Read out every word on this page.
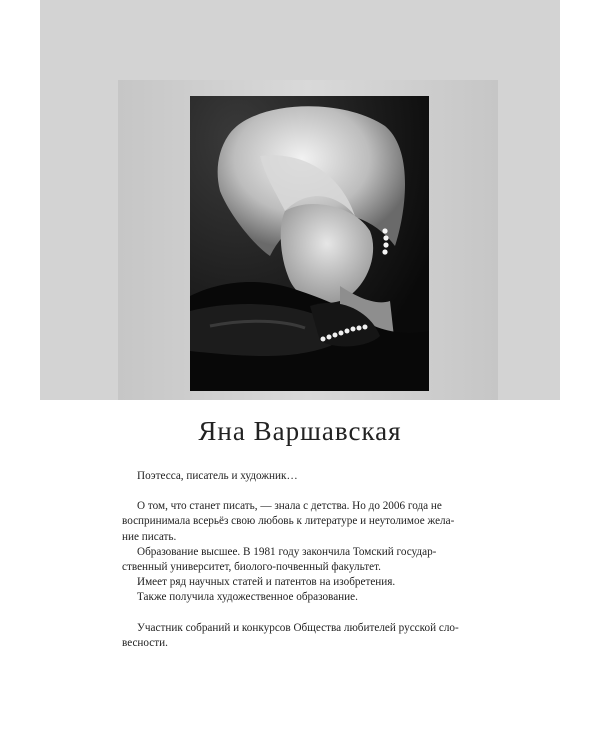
Яна Варшавская

Поэтесса, писатель и художник…

О том, что станет писать, — знала с детства. Но до 2006 года не

воспринимала всерьёз свою любовь к литературе и неутолимое жела-

ние писать.

Образование высшее. В 1981 году закончила Томский государ-

ственный университет, биолого-почвенный факультет.

Имеет ряд научных статей и патентов на изобретения.

Также получила художественное образование.

Участник собраний и конкурсов Общества любителей русской сло-

весности.
